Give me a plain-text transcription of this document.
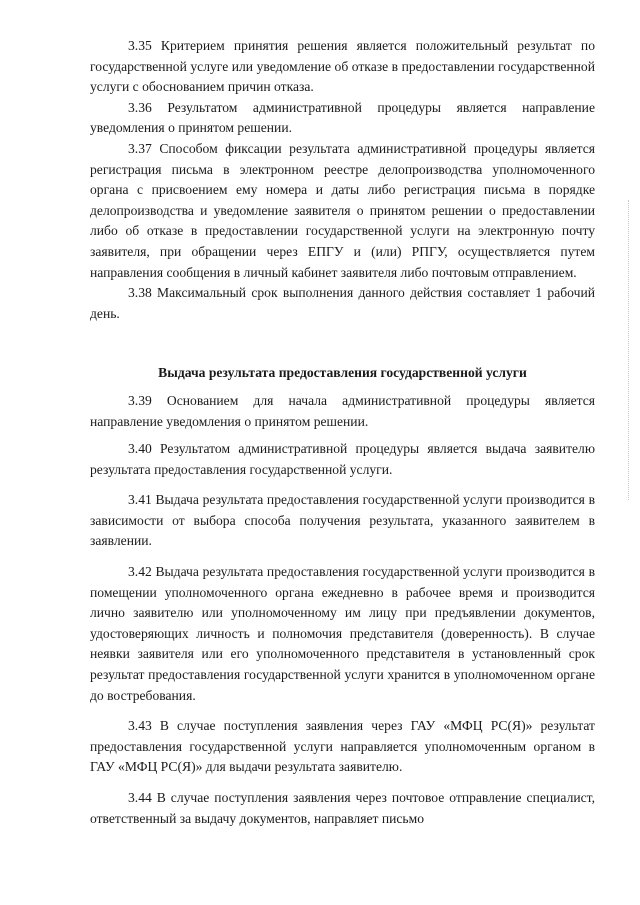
3.35 Критерием принятия решения является положительный результат по государственной услуге или уведомление об отказе в предоставлении государственной услуги с обоснованием причин отказа.

3.36 Результатом административной процедуры является направление уведомления о принятом решении.

3.37 Способом фиксации результата административной процедуры является регистрация письма в электронном реестре делопроизводства уполномоченного органа с присвоением ему номера и даты либо регистрация письма в порядке делопроизводства и уведомление заявителя о принятом решении о предоставлении либо об отказе в предоставлении государственной услуги на электронную почту заявителя, при обращении через ЕПГУ и (или) РПГУ, осуществляется путем направления сообщения в личный кабинет заявителя либо почтовым отправлением.

3.38 Максимальный срок выполнения данного действия составляет 1 рабочий день.

Выдача результата предоставления государственной услуги

3.39 Основанием для начала административной процедуры является направление уведомления о принятом решении.

3.40 Результатом административной процедуры является выдача заявителю результата предоставления государственной услуги.

3.41 Выдача результата предоставления государственной услуги производится в зависимости от выбора способа получения результата, указанного заявителем в заявлении.

3.42 Выдача результата предоставления государственной услуги производится в помещении уполномоченного органа ежедневно в рабочее время и производится лично заявителю или уполномоченному им лицу при предъявлении документов, удостоверяющих личность и полномочия представителя (доверенность). В случае неявки заявителя или его уполномоченного представителя в установленный срок результат предоставления государственной услуги хранится в уполномоченном органе до востребования.

3.43 В случае поступления заявления через ГАУ «МФЦ РС(Я)» результат предоставления государственной услуги направляется уполномоченным органом в ГАУ «МФЦ РС(Я)» для выдачи результата заявителю.

3.44 В случае поступления заявления через почтовое отправление специалист, ответственный за выдачу документов, направляет письмо
